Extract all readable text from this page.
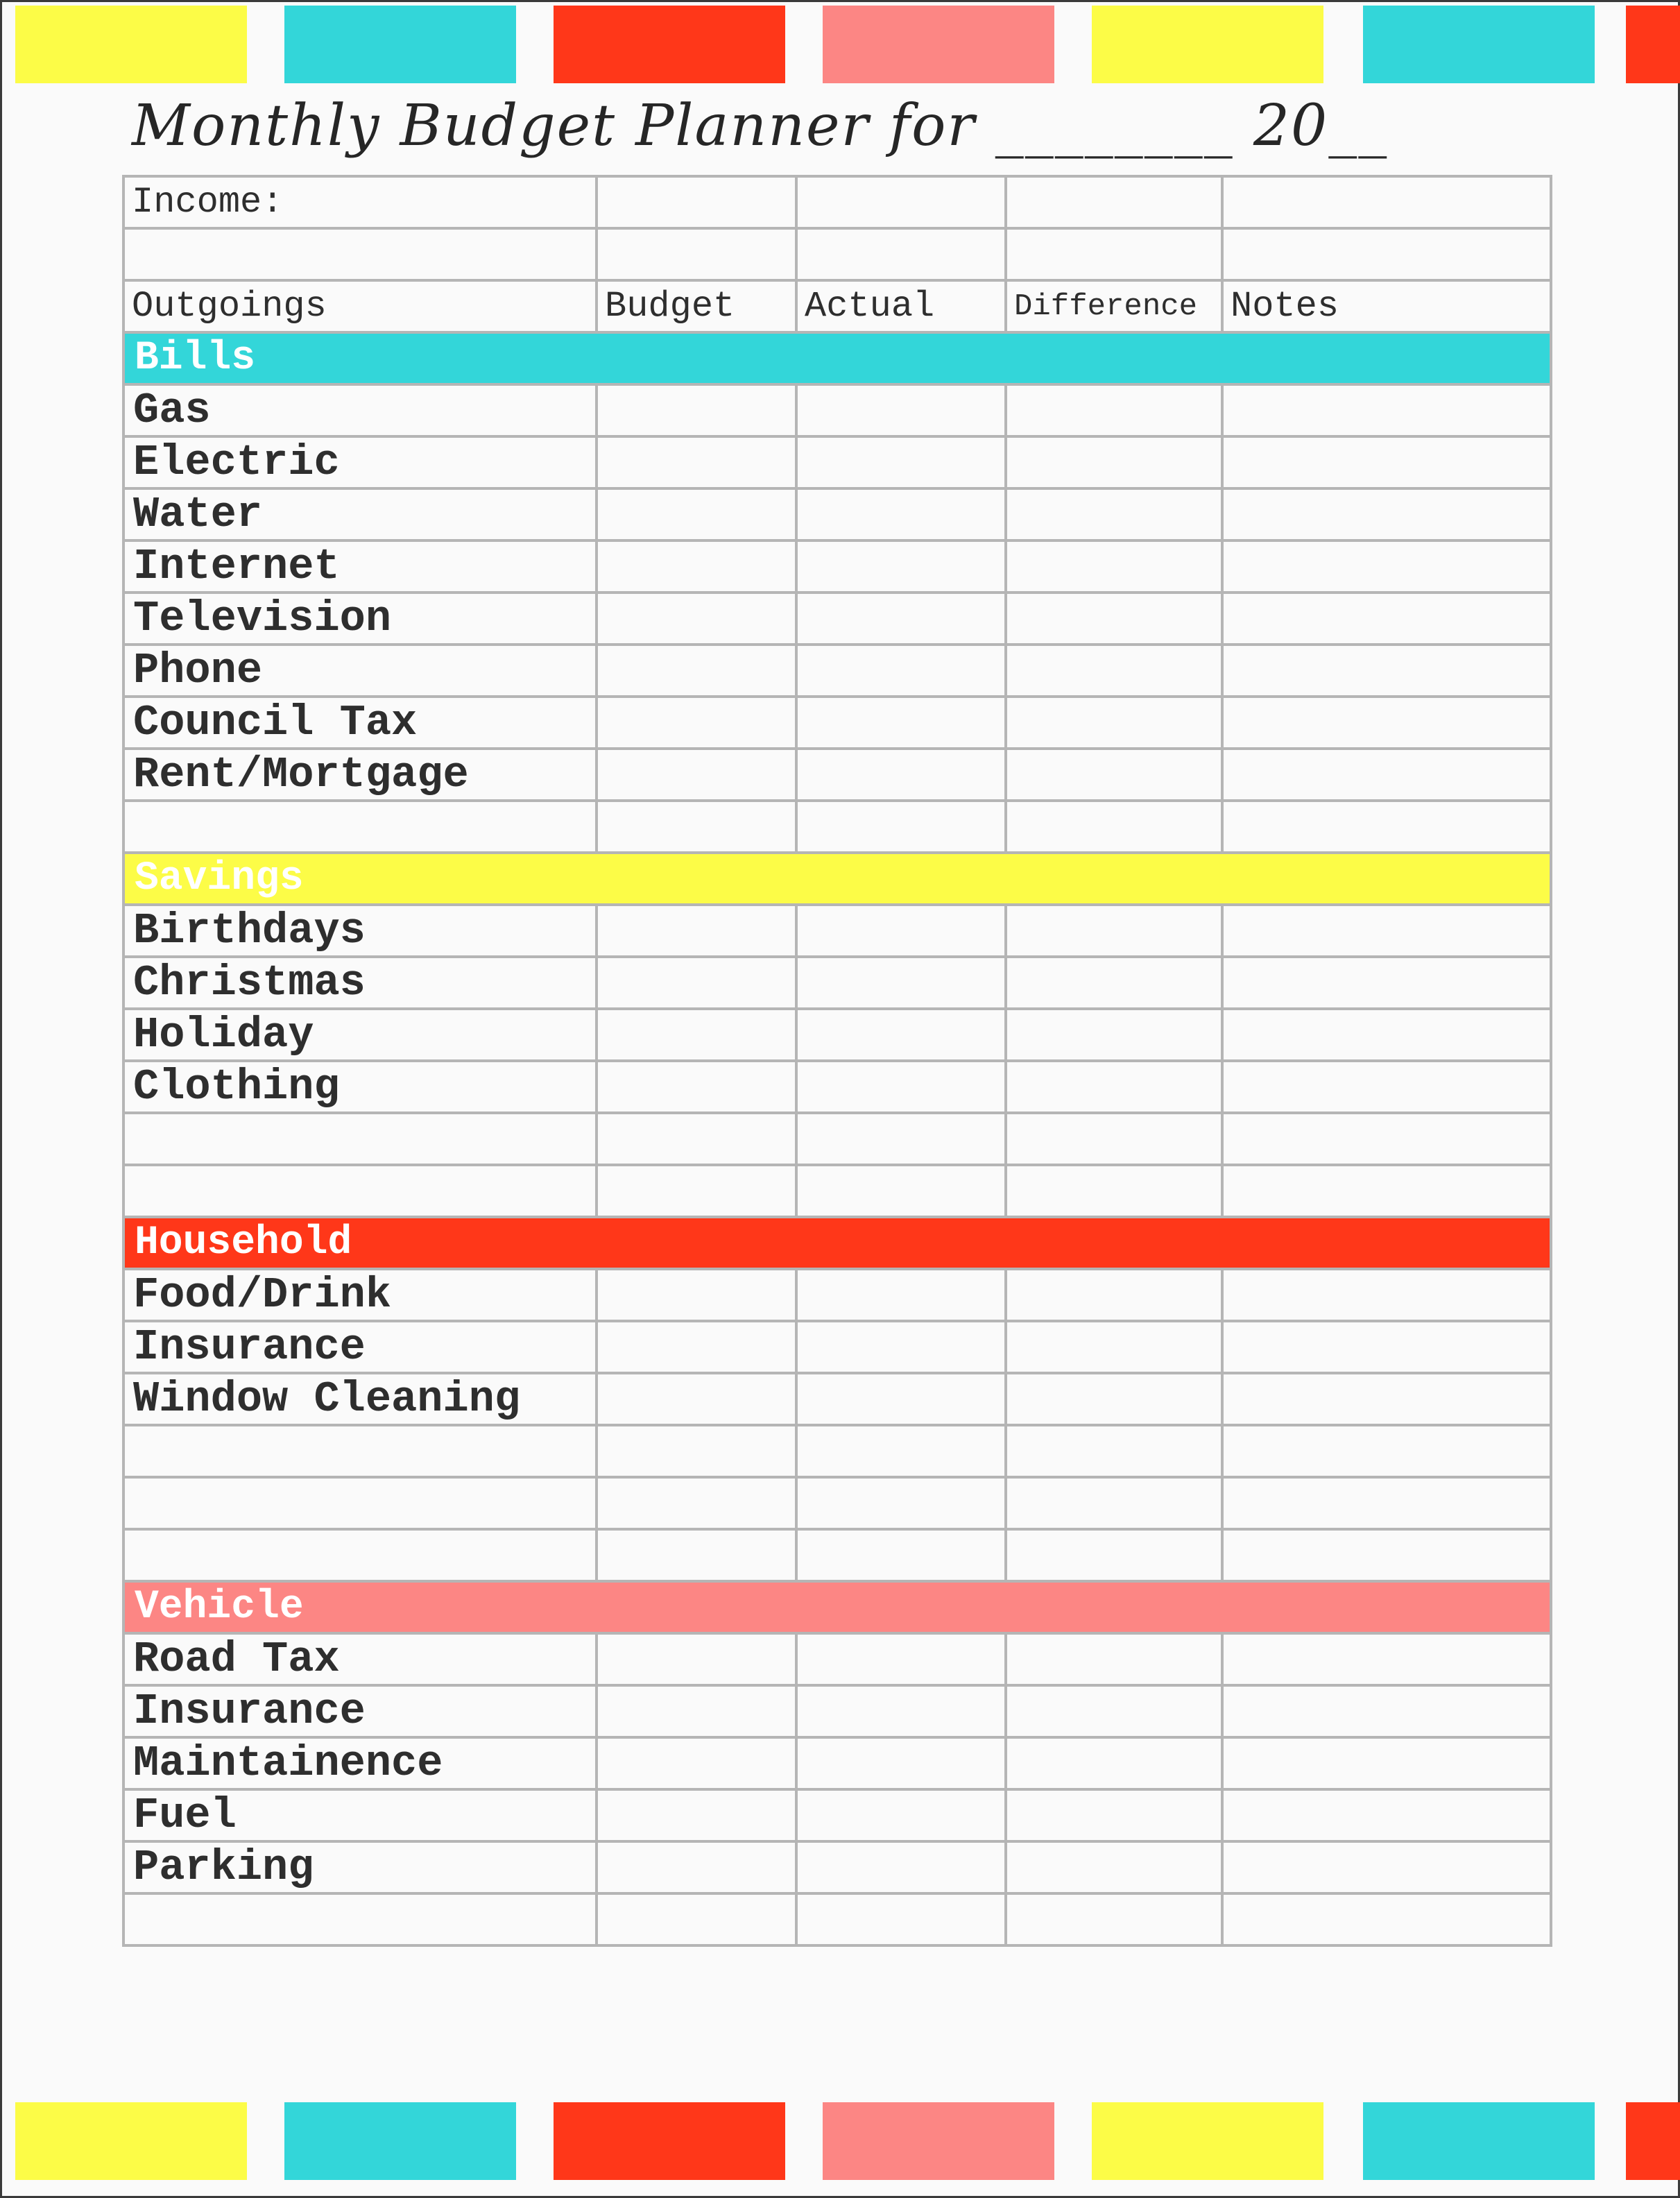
Monthly Budget Planner for ________ 20__
Income:				

Outgoings	Budget	Actual	Difference	Notes
Bills				
Gas				
Electric				
Water				
Internet				
Television				
Phone				
Council Tax				
Rent/Mortgage				

Savings				
Birthdays				
Christmas				
Holiday				
Clothing				

Household				
Food/Drink				
Insurance				
Window Cleaning				

Vehicle				
Road Tax				
Insurance				
Maintainence				
Fuel				
Parking				
